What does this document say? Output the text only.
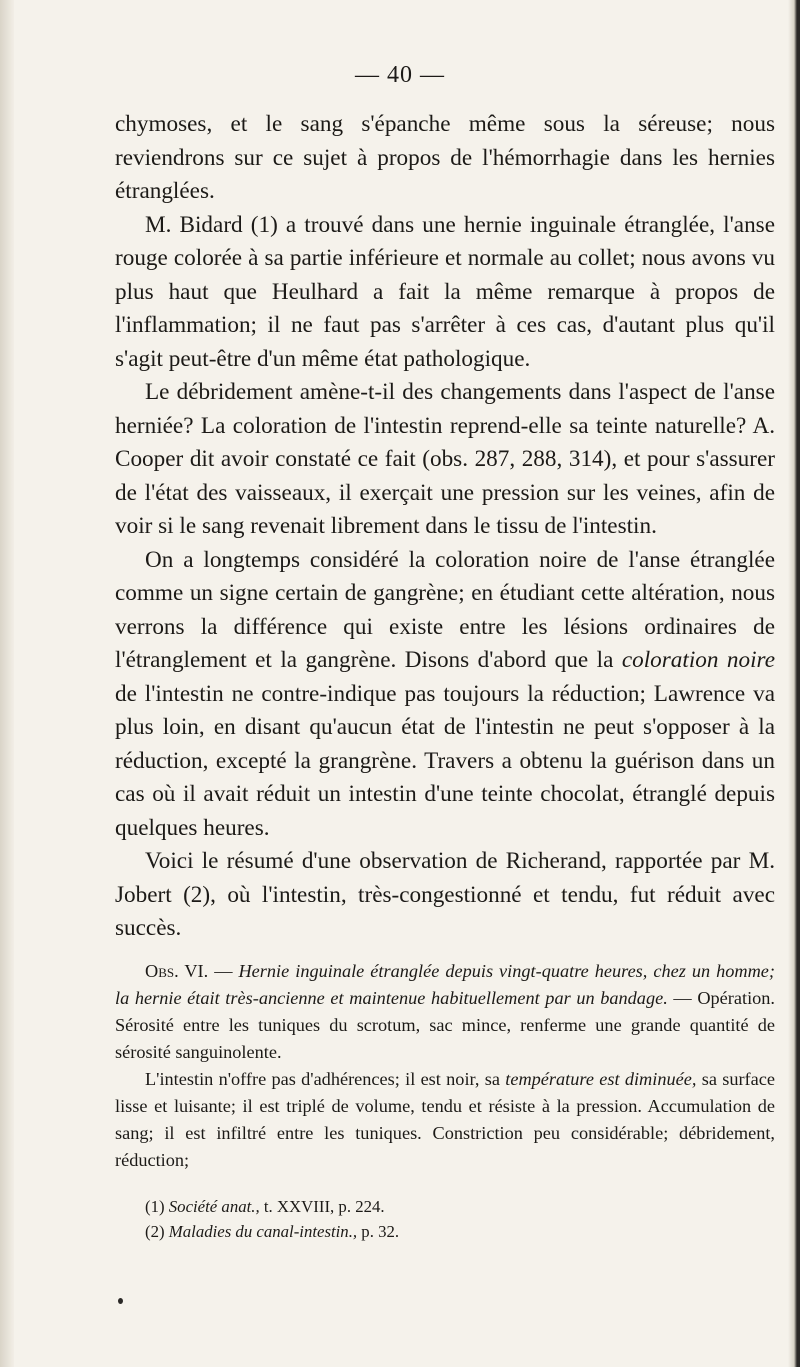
— 40 —

chymoses, et le sang s'épanche même sous la séreuse; nous reviendrons sur ce sujet à propos de l'hémorrhagie dans les hernies étranglées.

M. Bidard (1) a trouvé dans une hernie inguinale étranglée, l'anse rouge colorée à sa partie inférieure et normale au collet; nous avons vu plus haut que Heulhard a fait la même remarque à propos de l'inflammation; il ne faut pas s'arrêter à ces cas, d'autant plus qu'il s'agit peut-être d'un même état pathologique.

Le débridement amène-t-il des changements dans l'aspect de l'anse herniée? La coloration de l'intestin reprend-elle sa teinte naturelle? A. Cooper dit avoir constaté ce fait (obs. 287, 288, 314), et pour s'assurer de l'état des vaisseaux, il exerçait une pression sur les veines, afin de voir si le sang revenait librement dans le tissu de l'intestin.

On a longtemps considéré la coloration noire de l'anse étranglée comme un signe certain de gangrène; en étudiant cette altération, nous verrons la différence qui existe entre les lésions ordinaires de l'étranglement et la gangrène. Disons d'abord que la coloration noire de l'intestin ne contre-indique pas toujours la réduction; Lawrence va plus loin, en disant qu'aucun état de l'intestin ne peut s'opposer à la réduction, excepté la grangrène. Travers a obtenu la guérison dans un cas où il avait réduit un intestin d'une teinte chocolat, étranglé depuis quelques heures.

Voici le résumé d'une observation de Richerand, rapportée par M. Jobert (2), où l'intestin, très-congestionné et tendu, fut réduit avec succès.

Obs. VI. — Hernie inguinale étranglée depuis vingt-quatre heures, chez un homme; la hernie était très-ancienne et maintenue habituellement par un bandage. — Opération. Sérosité entre les tuniques du scrotum, sac mince, renferme une grande quantité de sérosité sanguinolente.

L'intestin n'offre pas d'adhérences; il est noir, sa température est diminuée, sa surface lisse et luisante; il est triplé de volume, tendu et résiste à la pression. Accumulation de sang; il est infiltré entre les tuniques. Constriction peu considérable; débridement, réduction;

(1) Société anat., t. XXVIII, p. 224.

(2) Maladies du canal-intestin., p. 32.
